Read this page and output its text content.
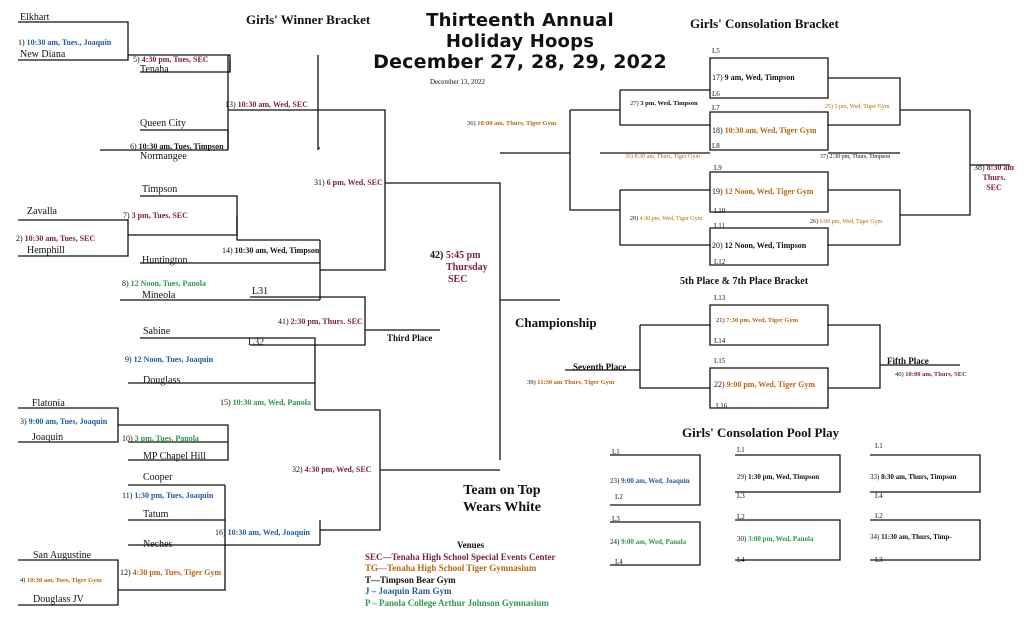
Girls' Winner Bracket	Girls' Consolation Bracket
Thirteenth Annual
Holiday Hoops
December 27, 28, 29, 2022
December 13, 2022
Elkhart
1) 10:30 am, Tues., Joaquin
New Diana	5) 4:30 pm, Tues, SEC
Tenaha
13) 10:30 am, Wed, SEC
Queen City
6) 10:30 am, Tues, Timpson
Normangee
31) 6 pm, Wed, SEC
Timpson
7) 3 pm, Tues, SEC
Zavalla
2) 10:30 am, Tues, SEC
Hemphill	14) 10:30 am, Wed, Timpson
Huntington
8) 12 Noon, Tues, Panola
Mineola	L31
41) 2:30 pm, Thurs. SEC
L32	Third Place
42) 5:45 pm
Thursday
SEC
Championship
Sabine
9) 12 Noon, Tues, Joaquin
Douglass
15) 10:30 am, Wed, Panola
Flatonia
3) 9:00 am, Tues, Joaquin
Joaquin	10) 3 pm, Tues, Panola
MP Chapel Hill
32) 4:30 pm, Wed, SEC
Cooper
11) 1:30 pm, Tues, Joaquin
Tatum
16) 10:30 am, Wed, Joaquin
Neches
San Augustine
12) 4:30 pm, Tues, Tiger Gym
4) 10:30 am, Tues, Tiger Gym
Douglass JV
Team on Top
Wears White
Venues
SEC—Tenaha High School Special Events Center
TG—Tenaha High School Tiger Gymnasium
T—Timpson Bear Gym
J – Joaquin Ram Gym
P – Panola College Arthur Johnson Gymnasium
L5
17) 9 am, Wed, Timpson
L6
27) 3 pm, Wed, Timpson
L7	25) 3 pm, Wed, Tiger Gym
36) 10:00 am, Thurs, Tiger Gym
18) 10:30 am, Wed, Tiger Gym
L8
35) 8:30 am, Thurs, Tiger Gym	37) 2:30 pm, Thurs, Timpson
L9	38) 8:30 am
Thurs.
SEC
19) 12 Noon, Wed, Tiger Gym
L10
28) 4:30 pm, Wed, Tiger Gym	26) 6:00 pm, Wed, Tiger Gym
L11
20) 12 Noon, Wed, Timpson
L12
5th Place & 7th Place Bracket
L13
21) 7:30 pm, Wed, Tiger Gym
L14
L15
Seventh Place
Fifth Place
22) 9:00 pm, Wed, Tiger Gym
39) 11:30 am Thurs, Tiger Gym
40) 10:00 am, Thurs, SEC
L16
Girls' Consolation Pool Play
L1	L1	L1
23) 9:00 am, Wed, Joaquin	29) 1:30 pm, Wed, Timpson	33) 8:30 am, Thurs, Timpson
L2	L3	L4
L3	L2	L2
24) 9:00 am, Wed, Panola	30) 3:00 pm, Wed, Panola	34) 11:30 am, Thurs, Timp-
L4	L4	L3
